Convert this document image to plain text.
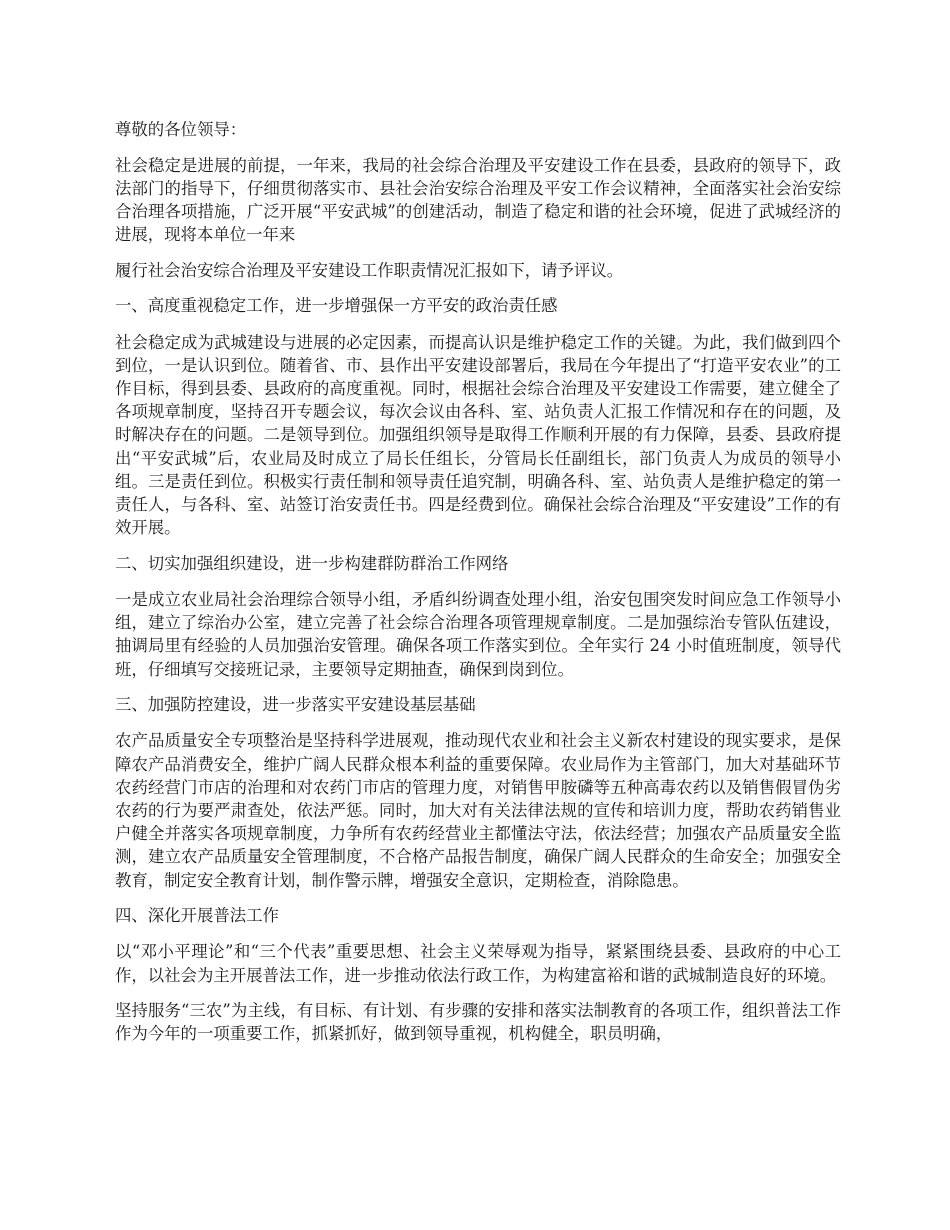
尊敬的各位领导：

社会稳定是进展的前提，一年来，我局的社会综合治理及平安建设工作在县委，县政府的领导下，政法部门的指导下，仔细贯彻落实市、县社会治安综合治理及平安工作会议精神，全面落实社会治安综合治理各项措施，广泛开展“平安武城”的创建活动，制造了稳定和谐的社会环境，促进了武城经济的进展，现将本单位一年来

履行社会治安综合治理及平安建设工作职责情况汇报如下，请予评议。

一、高度重视稳定工作，进一步增强保一方平安的政治责任感

社会稳定成为武城建设与进展的必定因素，而提高认识是维护稳定工作的关键。为此，我们做到四个到位，一是认识到位。随着省、市、县作出平安建设部署后，我局在今年提出了“打造平安农业”的工作目标，得到县委、县政府的高度重视。同时，根据社会综合治理及平安建设工作需要，建立健全了各项规章制度，坚持召开专题会议，每次会议由各科、室、站负责人汇报工作情况和存在的问题，及时解决存在的问题。二是领导到位。加强组织领导是取得工作顺利开展的有力保障，县委、县政府提出“平安武城”后，农业局及时成立了局长任组长，分管局长任副组长，部门负责人为成员的领导小组。三是责任到位。积极实行责任制和领导责任追究制，明确各科、室、站负责人是维护稳定的第一责任人，与各科、室、站签订治安责任书。四是经费到位。确保社会综合治理及“平安建设”工作的有效开展。

二、切实加强组织建设，进一步构建群防群治工作网络

一是成立农业局社会治理综合领导小组，矛盾纠纷调查处理小组，治安包围突发时间应急工作领导小组，建立了综治办公室，建立完善了社会综合治理各项管理规章制度。二是加强综治专管队伍建设，抽调局里有经验的人员加强治安管理。确保各项工作落实到位。全年实行 24 小时值班制度，领导代班，仔细填写交接班记录，主要领导定期抽查，确保到岗到位。

三、加强防控建设，进一步落实平安建设基层基础

农产品质量安全专项整治是坚持科学进展观，推动现代农业和社会主义新农村建设的现实要求，是保障农产品消费安全，维护广阔人民群众根本利益的重要保障。农业局作为主管部门，加大对基础环节农药经营门市店的治理和对农药门市店的管理力度，对销售甲胺磷等五种高毒农药以及销售假冒伪劣农药的行为要严肃查处，依法严惩。同时，加大对有关法律法规的宣传和培训力度，帮助农药销售业户健全并落实各项规章制度，力争所有农药经营业主都懂法守法，依法经营；加强农产品质量安全监测，建立农产品质量安全管理制度，不合格产品报告制度，确保广阔人民群众的生命安全；加强安全教育，制定安全教育计划，制作警示牌，增强安全意识，定期检查，消除隐患。

四、深化开展普法工作

以“邓小平理论”和“三个代表”重要思想、社会主义荣辱观为指导，紧紧围绕县委、县政府的中心工作，以社会为主开展普法工作，进一步推动依法行政工作，为构建富裕和谐的武城制造良好的环境。

坚持服务“三农”为主线，有目标、有计划、有步骤的安排和落实法制教育的各项工作，组织普法工作作为今年的一项重要工作，抓紧抓好，做到领导重视，机构健全，职员明确，
